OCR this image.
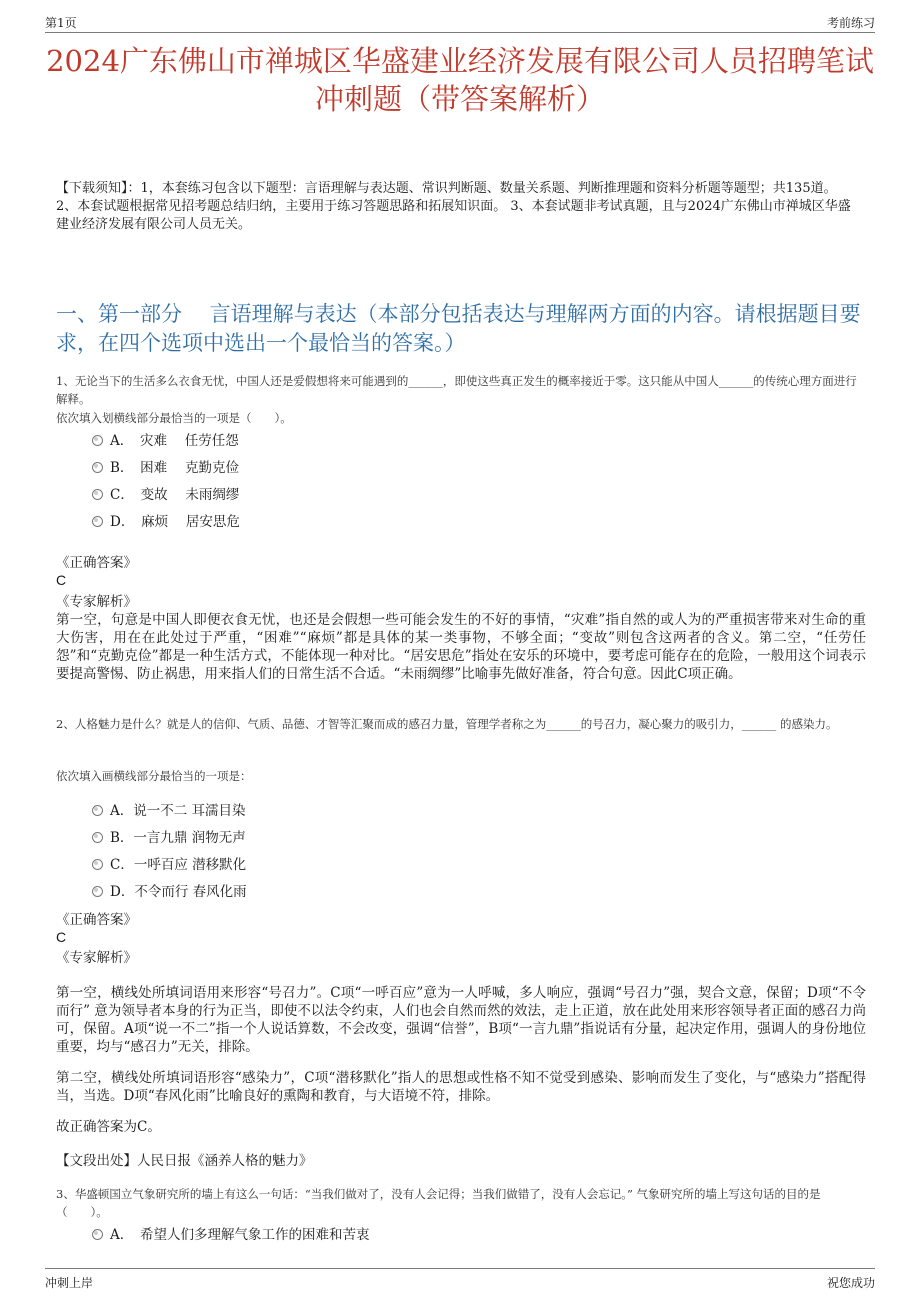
第1页	考前练习
2024广东佛山市禅城区华盛建业经济发展有限公司人员招聘笔试冲刺题（带答案解析）
【下载须知】：1，本套练习包含以下题型：言语理解与表达题、常识判断题、数量关系题、判断推理题和资料分析题等题型；共135道。 2、本套试题根据常见招考题总结归纳，主要用于练习答题思路和拓展知识面。 3、本套试题非考试真题，且与2024广东佛山市禅城区华盛建业经济发展有限公司人员无关。
一、第一部分　 言语理解与表达（本部分包括表达与理解两方面的内容。请根据题目要求，在四个选项中选出一个最恰当的答案。）
1、无论当下的生活多么衣食无忧，中国人还是爱假想将来可能遇到的______，即使这些真正发生的概率接近于零。这只能从中国人______的传统心理方面进行解释。
依次填入划横线部分最恰当的一项是（　　）。
A．　灾难　 任劳任怨
B．　困难　 克勤克俭
C．　变故　 未雨绸缪
D．　麻烦　 居安思危
《正确答案》
C
《专家解析》
第一空，句意是中国人即便衣食无忧，也还是会假想一些可能会发生的不好的事情，“灾难”指自然的或人为的严重损害带来对生命的重大伤害，用在在此处过于严重，“困难”“麻烦”都是具体的某一类事物，不够全面；“变故”则包含这两者的含义。第二空，“任劳任怨”和“克勤克俭”都是一种生活方式，不能体现一种对比。“居安思危”指处在安乐的环境中，要考虑可能存在的危险，一般用这个词表示要提高警惕、防止祸患，用来指人们的日常生活不合适。“未雨绸缪”比喻事先做好准备，符合句意。因此C项正确。
2、人格魅力是什么？就是人的信仰、气质、品德、才智等汇聚而成的感召力量，管理学者称之为______的号召力，凝心聚力的吸引力，______ 的感染力。
依次填入画横线部分最恰当的一项是：
A．说一不二 耳濡目染
B．一言九鼎 润物无声
C．一呼百应 潜移默化
D．不令而行 春风化雨
《正确答案》
C
《专家解析》
第一空，横线处所填词语用来形容“号召力”。C项“一呼百应”意为一人呼喊，多人响应，强调“号召力”强，契合文意，保留；D项“不令而行” 意为领导者本身的行为正当，即使不以法令约束，人们也会自然而然的效法，走上正道，放在此处用来形容领导者正面的感召力尚可，保留。A项“说一不二”指一个人说话算数，不会改变，强调“信誉”，B项“一言九鼎”指说话有分量，起决定作用，强调人的身份地位重要，均与“感召力”无关，排除。
第二空，横线处所填词语形容“感染力”，C项“潜移默化”指人的思想或性格不知不觉受到感染、影响而发生了变化，与“感染力”搭配得当，当选。D项“春风化雨”比喻良好的熏陶和教育，与大语境不符，排除。
故正确答案为C。
【文段出处】人民日报《涵养人格的魅力》
3、华盛顿国立气象研究所的墙上有这么一句话：“当我们做对了，没有人会记得；当我们做错了，没有人会忘记。” 气象研究所的墙上写这句话的目的是（　　）。
A．　希望人们多理解气象工作的困难和苦衷
冲刺上岸	祝您成功
